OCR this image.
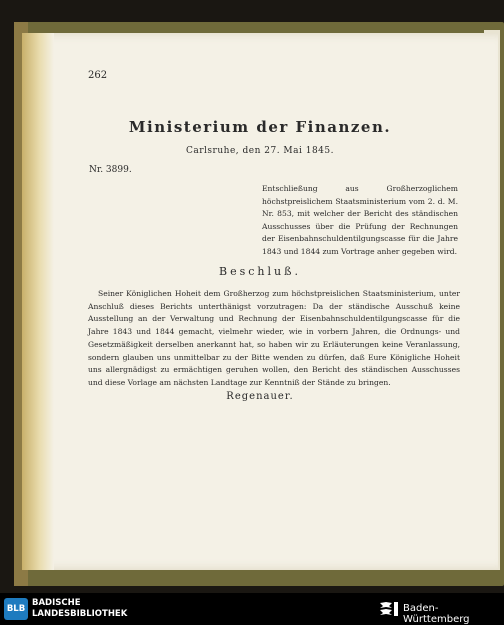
262
Ministerium der Finanzen.
Carlsruhe, den 27. Mai 1845.
Nr. 3899.
Entschließung aus Großherzoglichem höchstpreislichem Staatsministerium vom 2. d. M. Nr. 853, mit welcher der Bericht des ständischen Ausschusses über die Prüfung der Rechnungen der Eisenbahnschuldentilgungscasse für die Jahre 1843 und 1844 zum Vortrage anher gegeben wird.
Beschluß.
Seiner Königlichen Hoheit dem Großherzog zum höchstpreislichen Staatsministerium, unter Anschluß dieses Berichts unterthänigst vorzutragen: Da der ständische Ausschuß keine Ausstellung an der Verwaltung und Rechnung der Eisenbahnschuldentilgungscasse für die Jahre 1843 und 1844 gemacht, vielmehr wieder, wie in vorbern Jahren, die Ordnungs- und Gesetzmäßigkeit derselben anerkannt hat, so haben wir zu Erläuterungen keine Veranlassung, sondern glauben uns unmittelbar zu der Bitte wenden zu dürfen, daß Eure Königliche Hoheit uns allergnädigst zu ermächtigen geruhen wollen, den Bericht des ständischen Ausschusses und diese Vorlage am nächsten Landtage zur Kenntniß der Stände zu bringen.
Regenauer.
BLB
BADISCHE
LANDESBIBLIOTHEK	Baden-Württemberg
